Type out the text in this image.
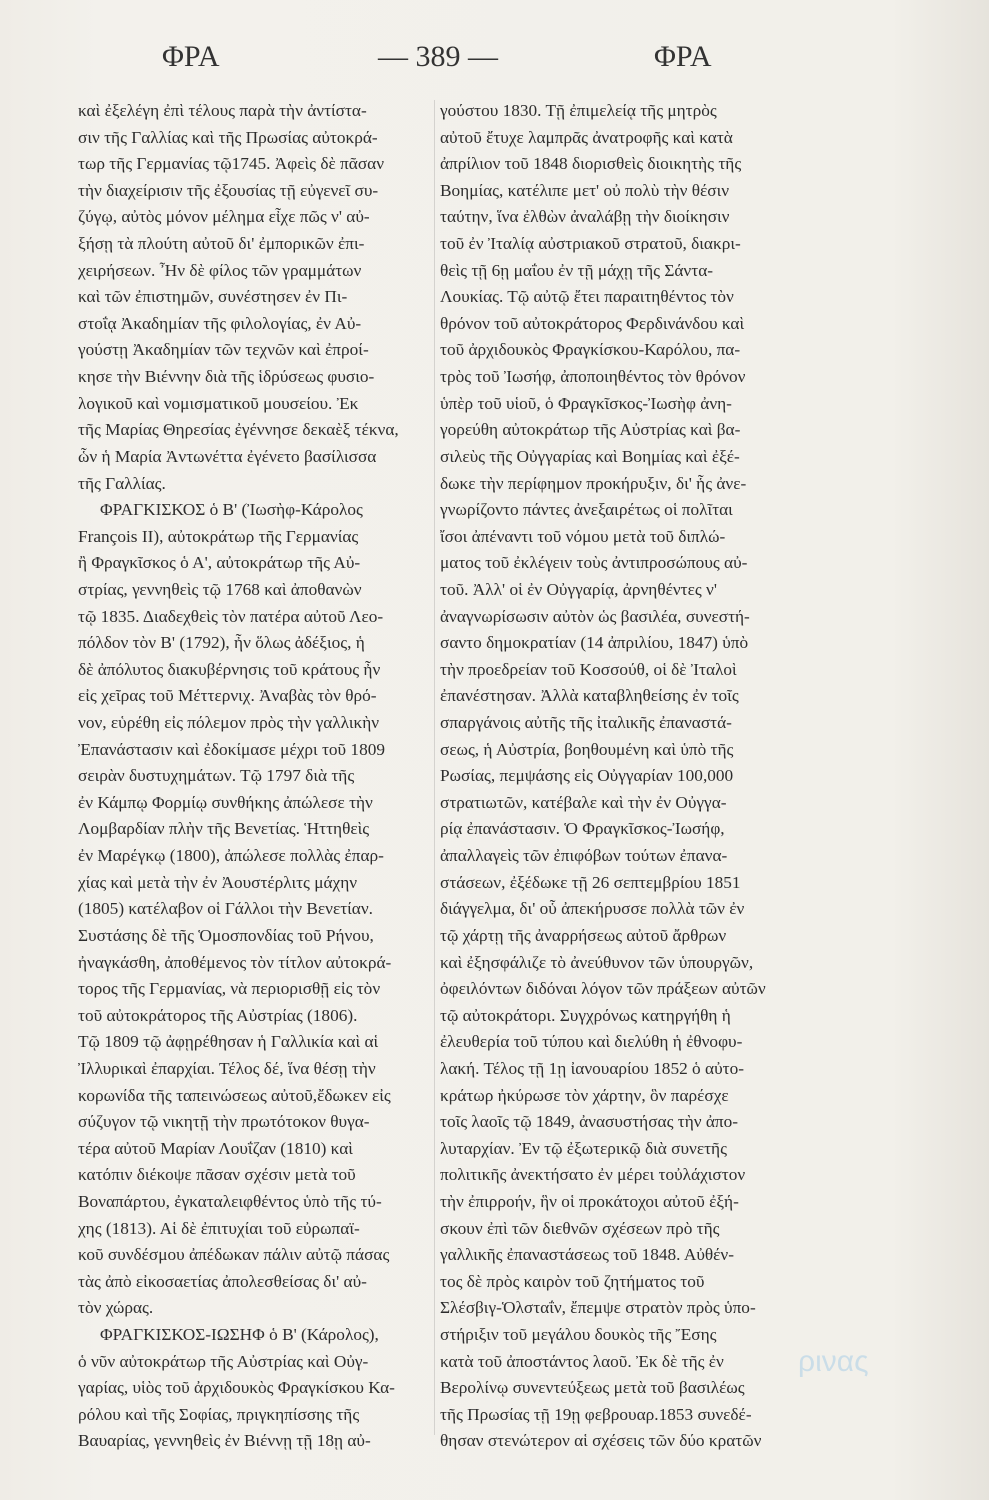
ΦΡΑ	— 389 —	ΦΡΑ
καὶ ἐξελέγη ἐπὶ τέλους παρὰ τὴν ἀντίστα-
σιν τῆς Γαλλίας καὶ τῆς Πρωσίας αὐτοκρά-
τωρ τῆς Γερμανίας τῷ1745. Ἀφεὶς δὲ πᾶσαν
τὴν διαχείρισιν τῆς ἐξουσίας τῇ εὐγενεῖ συ-
ζύγῳ, αὐτὸς μόνον μέλημα εἶχε πῶς ν' αὐ-
ξήσῃ τὰ πλούτη αὐτοῦ δι' ἐμπορικῶν ἐπι-
χειρήσεων. Ἦν δὲ φίλος τῶν γραμμάτων
καὶ τῶν ἐπιστημῶν, συνέστησεν ἐν Πι-
στοΐᾳ Ἀκαδημίαν τῆς φιλολογίας, ἐν Αὐ-
γούστῃ Ἀκαδημίαν τῶν τεχνῶν καὶ ἐπροί-
κησε τὴν Βιέννην διὰ τῆς ἱδρύσεως φυσιο-
λογικοῦ καὶ νομισματικοῦ μουσείου. Ἐκ
τῆς Μαρίας Θηρεσίας ἐγέννησε δεκαὲξ τέκνα,
ὧν ἡ Μαρία Ἀντωνέττα ἐγένετο βασίλισσα
τῆς Γαλλίας.
ΦΡΑΓΚΙΣΚΟΣ ὁ Β' (Ἰωσὴφ-Κάρολος
François II), αὐτοκράτωρ τῆς Γερμανίας
ἢ Φραγκῖσκος ὁ Α', αὐτοκράτωρ τῆς Αὐ-
στρίας, γεννηθεὶς τῷ 1768 καὶ ἀποθανὼν
τῷ 1835. Διαδεχθεὶς τὸν πατέρα αὐτοῦ Λεο-
πόλδον τὸν Β' (1792), ἦν ὅλως ἀδέξιος, ἡ
δὲ ἀπόλυτος διακυβέρνησις τοῦ κράτους ἦν
εἰς χεῖρας τοῦ Μέττερνιχ. Ἀναβὰς τὸν θρό-
νον, εὑρέθη εἰς πόλεμον πρὸς τὴν γαλλικὴν
Ἐπανάστασιν καὶ ἐδοκίμασε μέχρι τοῦ 1809
σειρὰν δυστυχημάτων. Τῷ 1797 διὰ τῆς
ἐν Κάμπῳ Φορμίῳ συνθήκης ἀπώλεσε τὴν
Λομβαρδίαν πλὴν τῆς Βενετίας. Ἡττηθεὶς
ἐν Μαρέγκῳ (1800), ἀπώλεσε πολλὰς ἐπαρ-
χίας καὶ μετὰ τὴν ἐν Ἀουστέρλιτς μάχην
(1805) κατέλαβον οἱ Γάλλοι τὴν Βενετίαν.
Συστάσης δὲ τῆς Ὁμοσπονδίας τοῦ Ρήνου,
ἠναγκάσθη, ἀποθέμενος τὸν τίτλον αὐτοκρά-
τορος τῆς Γερμανίας, νὰ περιορισθῇ εἰς τὸν
τοῦ αὐτοκράτορος τῆς Αὐστρίας (1806).
Τῷ 1809 τῷ ἀφῃρέθησαν ἡ Γαλλικία καὶ αἱ
Ἰλλυρικαὶ ἐπαρχίαι. Τέλος δέ, ἵνα θέσῃ τὴν
κορωνίδα τῆς ταπεινώσεως αὐτοῦ,ἔδωκεν εἰς
σύζυγον τῷ νικητῇ τὴν πρωτότοκον θυγα-
τέρα αὐτοῦ Μαρίαν Λουΐζαν (1810) καὶ
κατόπιν διέκοψε πᾶσαν σχέσιν μετὰ τοῦ
Βοναπάρτου, ἐγκαταλειφθέντος ὑπὸ τῆς τύ-
χης (1813). Αἱ δὲ ἐπιτυχίαι τοῦ εὐρωπαϊ-
κοῦ συνδέσμου ἀπέδωκαν πάλιν αὐτῷ πάσας
τὰς ἀπὸ εἰκοσαετίας ἀπολεσθείσας δι' αὐ-
τὸν χώρας.
ΦΡΑΓΚΙΣΚΟΣ-ΙΩΣΗΦ ὁ Β' (Κάρολος),
ὁ νῦν αὐτοκράτωρ τῆς Αὐστρίας καὶ Οὐγ-
γαρίας, υἱὸς τοῦ ἀρχιδουκὸς Φραγκίσκου Κα-
ρόλου καὶ τῆς Σοφίας, πριγκηπίσσης τῆς
Βαυαρίας, γεννηθεὶς ἐν Βιέννῃ τῇ 18ῃ αὐ-
γούστου 1830. Τῇ ἐπιμελείᾳ τῆς μητρὸς
αὐτοῦ ἔτυχε λαμπρᾶς ἀνατροφῆς καὶ κατὰ
ἀπρίλιον τοῦ 1848 διορισθεὶς διοικητὴς τῆς
Βοημίας, κατέλιπε μετ' οὐ πολὺ τὴν θέσιν
ταύτην, ἵνα ἐλθὼν ἀναλάβῃ τὴν διοίκησιν
τοῦ ἐν Ἰταλίᾳ αὐστριακοῦ στρατοῦ, διακρι-
θεὶς τῇ 6ῃ μαΐου ἐν τῇ μάχῃ τῆς Σάντα-
Λουκίας. Τῷ αὐτῷ ἔτει παραιτηθέντος τὸν
θρόνον τοῦ αὐτοκράτορος Φερδινάνδου καὶ
τοῦ ἀρχιδουκὸς Φραγκίσκου-Καρόλου, πα-
τρὸς τοῦ Ἰωσήφ, ἀποποιηθέντος τὸν θρόνον
ὑπὲρ τοῦ υἱοῦ, ὁ Φραγκῖσκος-Ἰωσὴφ ἀνη-
γορεύθη αὐτοκράτωρ τῆς Αὐστρίας καὶ βα-
σιλεὺς τῆς Οὐγγαρίας καὶ Βοημίας καὶ ἐξέ-
δωκε τὴν περίφημον προκήρυξιν, δι' ἧς ἀνε-
γνωρίζοντο πάντες ἀνεξαιρέτως οἱ πολῖται
ἴσοι ἀπέναντι τοῦ νόμου μετὰ τοῦ διπλώ-
ματος τοῦ ἐκλέγειν τοὺς ἀντιπροσώπους αὐ-
τοῦ. Ἀλλ' οἱ ἐν Οὐγγαρίᾳ, ἀρνηθέντες ν'
ἀναγνωρίσωσιν αὐτὸν ὡς βασιλέα, συνεστή-
σαντο δημοκρατίαν (14 ἀπριλίου, 1847) ὑπὸ
τὴν προεδρείαν τοῦ Κοσσούθ, οἱ δὲ Ἰταλοὶ
ἐπανέστησαν. Ἀλλὰ καταβληθείσης ἐν τοῖς
σπαργάνοις αὐτῆς τῆς ἰταλικῆς ἐπαναστά-
σεως, ἡ Αὐστρία, βοηθουμένη καὶ ὑπὸ τῆς
Ρωσίας, πεμψάσης εἰς Οὐγγαρίαν 100,000
στρατιωτῶν, κατέβαλε καὶ τὴν ἐν Οὐγγα-
ρίᾳ ἐπανάστασιν. Ὁ Φραγκῖσκος-Ἰωσήφ,
ἀπαλλαγεὶς τῶν ἐπιφόβων τούτων ἐπανα-
στάσεων, ἐξέδωκε τῇ 26 σεπτεμβρίου 1851
διάγγελμα, δι' οὗ ἀπεκήρυσσε πολλὰ τῶν ἐν
τῷ χάρτῃ τῆς ἀναρρήσεως αὐτοῦ ἄρθρων
καὶ ἐξησφάλιζε τὸ ἀνεύθυνον τῶν ὑπουργῶν,
ὀφειλόντων διδόναι λόγον τῶν πράξεων αὐτῶν
τῷ αὐτοκράτορι. Συγχρόνως κατηργήθη ἡ
ἐλευθερία τοῦ τύπου καὶ διελύθη ἡ ἐθνοφυ-
λακή. Τέλος τῇ 1ῃ ἰανουαρίου 1852 ὁ αὐτο-
κράτωρ ἠκύρωσε τὸν χάρτην, ὃν παρέσχε
τοῖς λαοῖς τῷ 1849, ἀνασυστήσας τὴν ἀπο-
λυταρχίαν. Ἐν τῷ ἐξωτερικῷ διὰ συνετῆς
πολιτικῆς ἀνεκτήσατο ἐν μέρει τοὐλάχιστον
τὴν ἐπιρροήν, ἣν οἱ προκάτοχοι αὐτοῦ ἐξή-
σκουν ἐπὶ τῶν διεθνῶν σχέσεων πρὸ τῆς
γαλλικῆς ἐπαναστάσεως τοῦ 1848. Αὐθέν-
τος δὲ πρὸς καιρὸν τοῦ ζητήματος τοῦ
Σλέσβιγ-Ὁλσταΐν, ἔπεμψε στρατὸν πρὸς ὑπο-
στήριξιν τοῦ μεγάλου δουκὸς τῆς Ἔσης
κατὰ τοῦ ἀποστάντος λαοῦ. Ἐκ δὲ τῆς ἐν
Βερολίνῳ συνεντεύξεως μετὰ τοῦ βασιλέως
τῆς Πρωσίας τῇ 19ῃ φεβρουαρ.1853 συνεδέ-
θησαν στενώτερον αἱ σχέσεις τῶν δύο κρατῶν
ρινας
